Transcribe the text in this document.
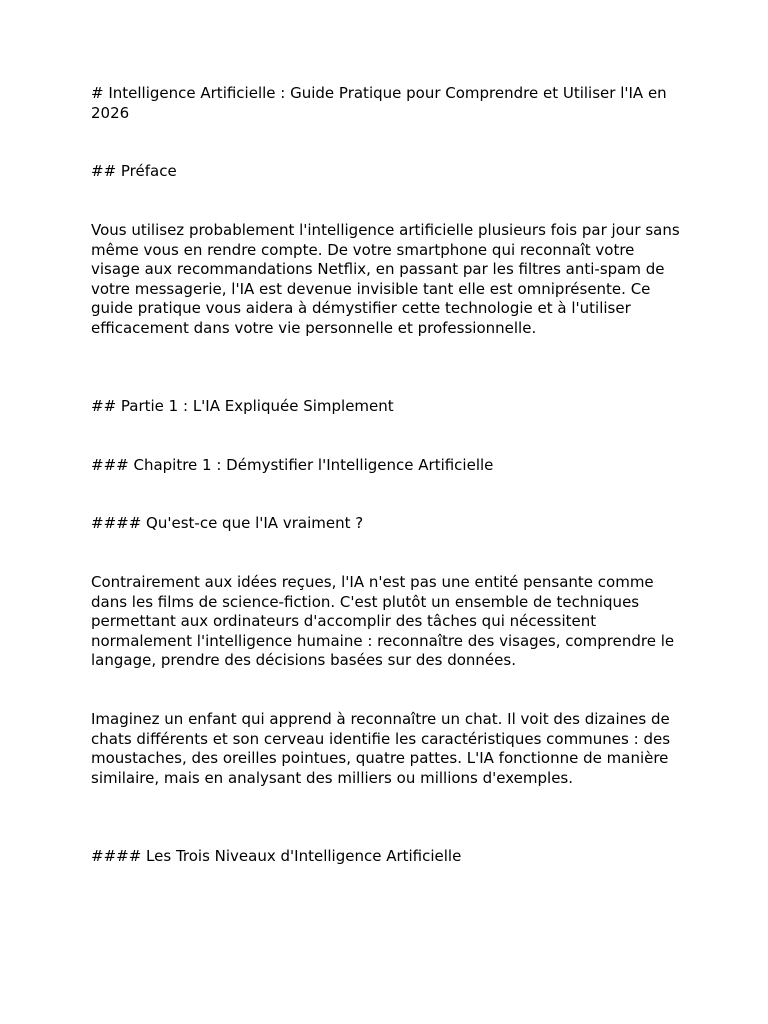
# Intelligence Artificielle : Guide Pratique pour Comprendre et Utiliser l'IA en 2026

## Préface

Vous utilisez probablement l'intelligence artificielle plusieurs fois par jour sans même vous en rendre compte. De votre smartphone qui reconnaît votre visage aux recommandations Netflix, en passant par les filtres anti-spam de votre messagerie, l'IA est devenue invisible tant elle est omniprésente. Ce guide pratique vous aidera à démystifier cette technologie et à l'utiliser efficacement dans votre vie personnelle et professionnelle.

## Partie 1 : L'IA Expliquée Simplement

### Chapitre 1 : Démystifier l'Intelligence Artificielle

#### Qu'est-ce que l'IA vraiment ?

Contrairement aux idées reçues, l'IA n'est pas une entité pensante comme dans les films de science-fiction. C'est plutôt un ensemble de techniques permettant aux ordinateurs d'accomplir des tâches qui nécessitent normalement l'intelligence humaine : reconnaître des visages, comprendre le langage, prendre des décisions basées sur des données.

Imaginez un enfant qui apprend à reconnaître un chat. Il voit des dizaines de chats différents et son cerveau identifie les caractéristiques communes : des moustaches, des oreilles pointues, quatre pattes. L'IA fonctionne de manière similaire, mais en analysant des milliers ou millions d'exemples.

#### Les Trois Niveaux d'Intelligence Artificielle
